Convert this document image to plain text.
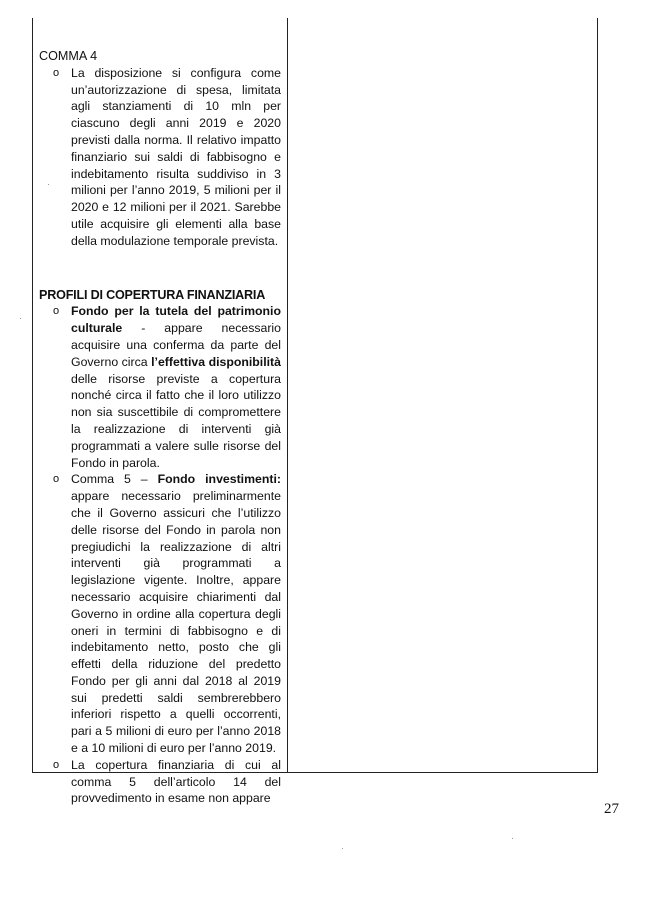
COMMA 4
o La disposizione si configura come un’autorizzazione di spesa, limitata agli stanziamenti di 10 mln per ciascuno degli anni 2019 e 2020 previsti dalla norma. Il relativo impatto finanziario sui saldi di fabbisogno e indebitamento risulta suddiviso in 3 milioni per l’anno 2019, 5 milioni per il 2020 e 12 milioni per il 2021. Sarebbe utile acquisire gli elementi alla base della modulazione temporale prevista.
PROFILI DI COPERTURA FINANZIARIA
o Fondo per la tutela del patrimonio culturale - appare necessario acquisire una conferma da parte del Governo circa l’effettiva disponibilità delle risorse previste a copertura nonché circa il fatto che il loro utilizzo non sia suscettibile di compromettere la realizzazione di interventi già programmati a valere sulle risorse del Fondo in parola.
o Comma 5 – Fondo investimenti: appare necessario preliminarmente che il Governo assicuri che l’utilizzo delle risorse del Fondo in parola non pregiudichi la realizzazione di altri interventi già programmati a legislazione vigente. Inoltre, appare necessario acquisire chiarimenti dal Governo in ordine alla copertura degli oneri in termini di fabbisogno e di indebitamento netto, posto che gli effetti della riduzione del predetto Fondo per gli anni dal 2018 al 2019 sui predetti saldi sembrerebbero inferiori rispetto a quelli occorrenti, pari a 5 milioni di euro per l’anno 2018 e a 10 milioni di euro per l’anno 2019.
o La copertura finanziaria di cui al comma 5 dell’articolo 14 del provvedimento in esame non appare
27
